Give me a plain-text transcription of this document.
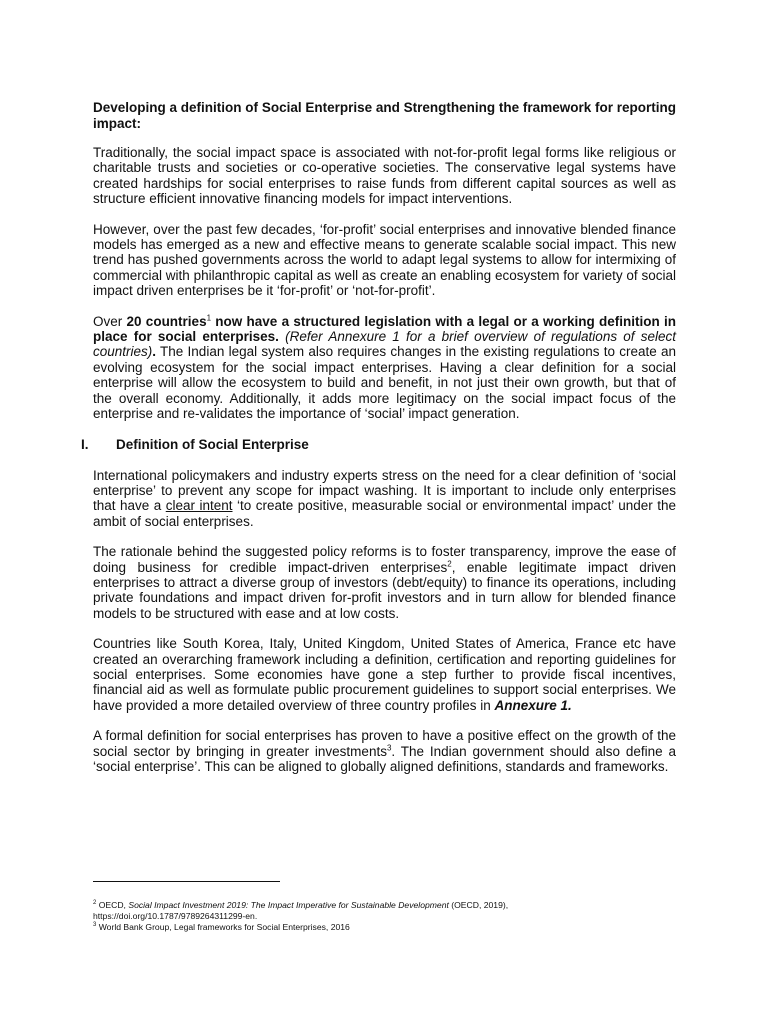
Developing a definition of Social Enterprise and Strengthening the framework for reporting impact:

Traditionally, the social impact space is associated with not-for-profit legal forms like religious or charitable trusts and societies or co-operative societies. The conservative legal systems have created hardships for social enterprises to raise funds from different capital sources as well as structure efficient innovative financing models for impact interventions.

However, over the past few decades, ‘for-profit’ social enterprises and innovative blended finance models has emerged as a new and effective means to generate scalable social impact. This new trend has pushed governments across the world to adapt legal systems to allow for intermixing of commercial with philanthropic capital as well as create an enabling ecosystem for variety of social impact driven enterprises be it ‘for-profit’ or ‘not-for-profit’.

Over 20 countries$^1$ now have a structured legislation with a legal or a working definition in place for social enterprises. (Refer Annexure 1 for a brief overview of regulations of select countries). The Indian legal system also requires changes in the existing regulations to create an evolving ecosystem for the social impact enterprises. Having a clear definition for a social enterprise will allow the ecosystem to build and benefit, in not just their own growth, but that of the overall economy. Additionally, it adds more legitimacy on the social impact focus of the enterprise and re-validates the importance of ‘social’ impact generation.

I. Definition of Social Enterprise

International policymakers and industry experts stress on the need for a clear definition of ‘social enterprise’ to prevent any scope for impact washing. It is important to include only enterprises that have a clear intent ‘to create positive, measurable social or environmental impact’ under the ambit of social enterprises.

The rationale behind the suggested policy reforms is to foster transparency, improve the ease of doing business for credible impact-driven enterprises$^2$, enable legitimate impact driven enterprises to attract a diverse group of investors (debt/equity) to finance its operations, including private foundations and impact driven for-profit investors and in turn allow for blended finance models to be structured with ease and at low costs.

Countries like South Korea, Italy, United Kingdom, United States of America, France etc have created an overarching framework including a definition, certification and reporting guidelines for social enterprises. Some economies have gone a step further to provide fiscal incentives, financial aid as well as formulate public procurement guidelines to support social enterprises. We have provided a more detailed overview of three country profiles in Annexure 1.

A formal definition for social enterprises has proven to have a positive effect on the growth of the social sector by bringing in greater investments$^3$. The Indian government should also define a ‘social enterprise’. This can be aligned to globally aligned definitions, standards and frameworks.

$^2$ OECD, Social Impact Investment 2019: The Impact Imperative for Sustainable Development (OECD, 2019),
https://doi.org/10.1787/9789264311299-en.
$^3$ World Bank Group, Legal frameworks for Social Enterprises, 2016
